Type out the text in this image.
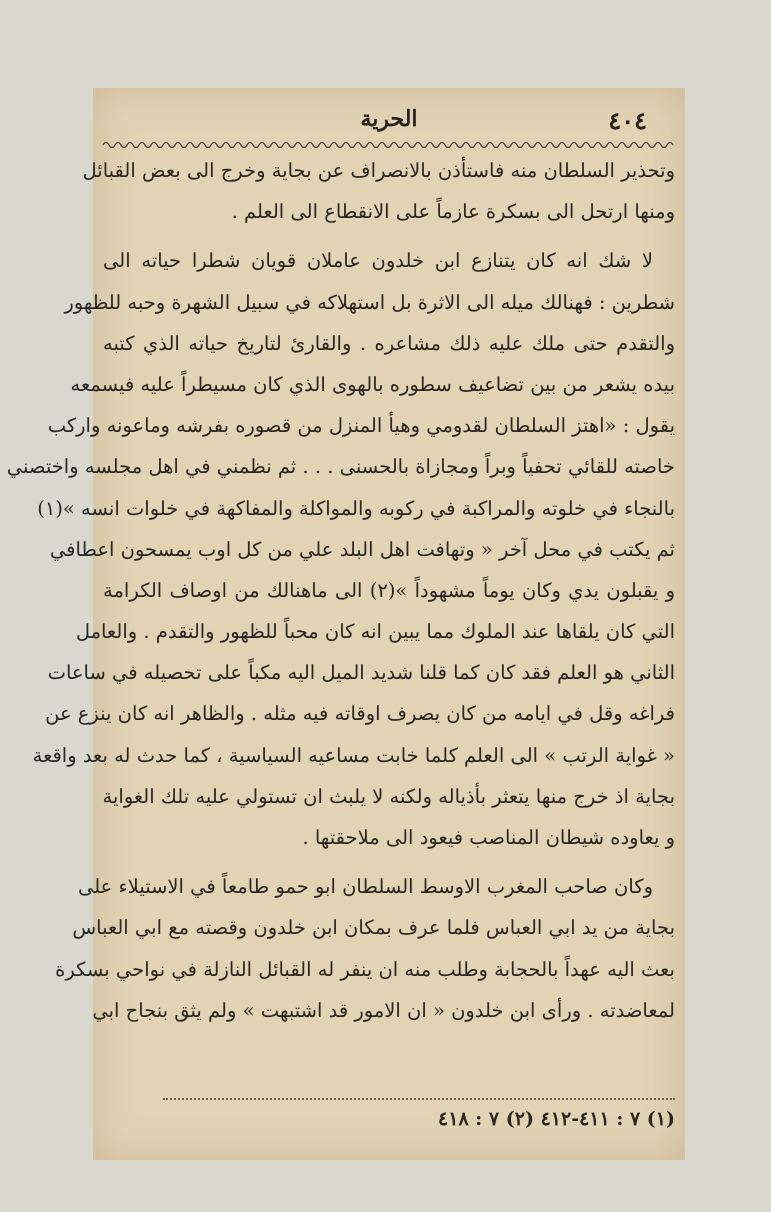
٤٠٤
الحرية
وتحذير السلطان منه فاستأذن بالانصراف عن بجاية وخرج الى بعض القبائل
ومنها ارتحل الى بسكرة عازماً على الانقطاع الى العلم .
لا شك انه كان يتنازع ابن خلدون عاملان قويان شطرا حياته الى
شطرين : فهنالك ميله الى الاثرة بل استهلاكه في سبيل الشهرة وحبه للظهور
والتقدم حتى ملك عليه ذلك مشاعره . والقارئ لتاريخ حياته الذي كتبه
بيده يشعر من بين تضاعيف سطوره بالهوى الذي كان مسيطراً عليه فيسمعه
يقول : «اهتز السلطان لقدومي وهيأ المنزل من قصوره بفرشه وماعونه واركب
خاصته للقائي تحفياً وبراً ومجازاة بالحسنى . . . ثم نظمني في اهل مجلسه واختصني
بالنجاء في خلوته والمراكبة في ركوبه والمواكلة والمفاكهة في خلوات انسه »(١)
ثم يكتب في محل آخر « وتهافت اهل البلد علي من كل اوب يمسحون اعطافي
و يقبلون يدي وكان يوماً مشهوداً »(٢) الى ماهنالك من اوصاف الكرامة
التي كان يلقاها عند الملوك مما يبين انه كان محباً للظهور والتقدم . والعامل
الثاني هو العلم فقد كان كما قلنا شديد الميل اليه مكباً على تحصيله في ساعات
فراغه وقل في ايامه من كان يصرف اوقاته فيه مثله . والظاهر انه كان ينزع عن
« غواية الرتب » الى العلم كلما خابت مساعيه السياسية ، كما حدث له بعد واقعة
بجاية اذ خرج منها يتعثر بأذياله ولكنه لا يلبث ان تستولي عليه تلك الغواية
و يعاوده شيطان المناصب فيعود الى ملاحقتها .
وكان صاحب المغرب الاوسط السلطان ابو حمو طامعاً في الاستيلاء على
بجاية من يد ابي العباس فلما عرف بمكان ابن خلدون وقصته مع ابي العباس
بعث اليه عهداً بالحجابة وطلب منه ان ينفر له القبائل النازلة في نواحي بسكرة
لمعاضدته . ورأى ابن خلدون « ان الامور قد اشتبهت » ولم يثق بنجاح ابي
(١) ٧ : ٤١١-٤١٢ (٢) ٧ : ٤١٨
